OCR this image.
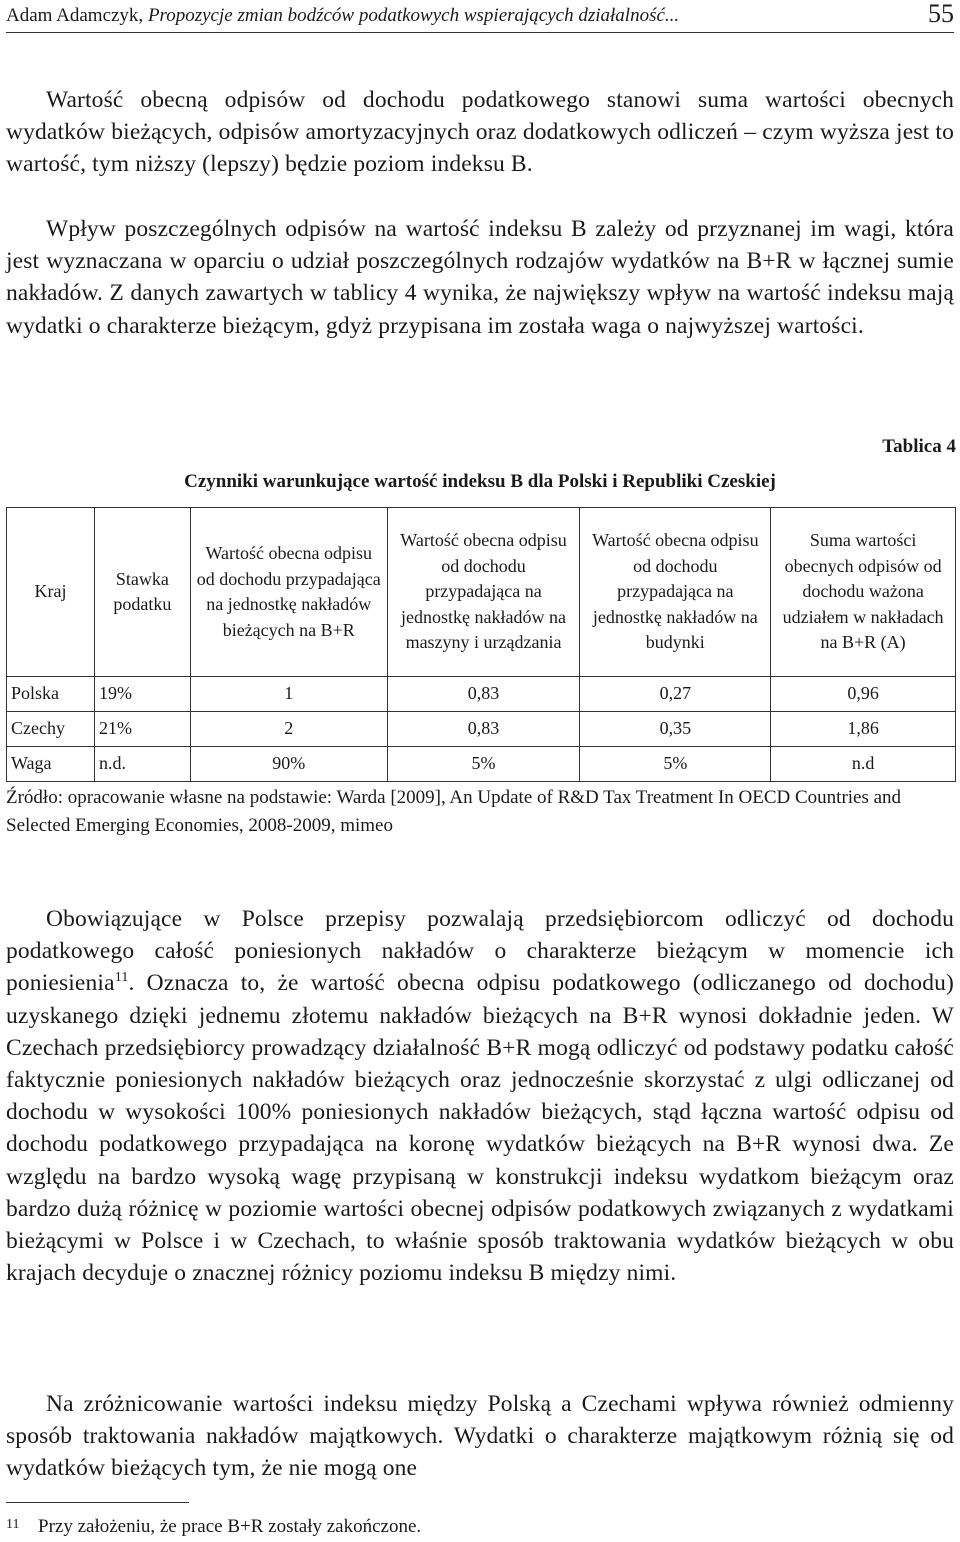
Adam Adamczyk, Propozycje zmian bodźców podatkowych wspierających działalność...	55

Wartość obecną odpisów od dochodu podatkowego stanowi suma wartości obecnych wydatków bieżących, odpisów amortyzacyjnych oraz dodatkowych odliczeń – czym wyższa jest to wartość, tym niższy (lepszy) będzie poziom indeksu B.

Wpływ poszczególnych odpisów na wartość indeksu B zależy od przyznanej im wagi, która jest wyznaczana w oparciu o udział poszczególnych rodzajów wydatków na B+R w łącznej sumie nakładów. Z danych zawartych w tablicy 4 wynika, że największy wpływ na wartość indeksu mają wydatki o charakterze bieżącym, gdyż przypisana im została waga o najwyższej wartości.

Tablica 4
Czynniki warunkujące wartość indeksu B dla Polski i Republiki Czeskiej
Kraj	Stawka podatku	Wartość obecna odpisu od dochodu przypadająca na jednostkę nakładów bieżących na B+R	Wartość obecna odpisu od dochodu przypadająca na jednostkę nakładów na maszyny i urządzania	Wartość obecna odpisu od dochodu przypadająca na jednostkę nakładów na budynki	Suma wartości obecnych odpisów od dochodu ważona udziałem w nakładach na B+R (A)
Polska	19%	1	0,83	0,27	0,96
Czechy	21%	2	0,83	0,35	1,86
Waga	n.d.	90%	5%	5%	n.d

Źródło: opracowanie własne na podstawie: Warda [2009], An Update of R&D Tax Treatment In OECD Countries and Selected Emerging Economies, 2008-2009, mimeo

Obowiązujące w Polsce przepisy pozwalają przedsiębiorcom odliczyć od dochodu podatkowego całość poniesionych nakładów o charakterze bieżącym w momencie ich poniesienia$^{11}$. Oznacza to, że wartość obecna odpisu podatkowego (odliczanego od dochodu) uzyskanego dzięki jednemu złotemu nakładów bieżących na B+R wynosi dokładnie jeden. W Czechach przedsiębiorcy prowadzący działalność B+R mogą odliczyć od podstawy podatku całość faktycznie poniesionych nakładów bieżących oraz jednocześnie skorzystać z ulgi odliczanej od dochodu w wysokości 100% poniesionych nakładów bieżących, stąd łączna wartość odpisu od dochodu podatkowego przypadająca na koronę wydatków bieżących na B+R wynosi dwa. Ze względu na bardzo wysoką wagę przypisaną w konstrukcji indeksu wydatkom bieżącym oraz bardzo dużą różnicę w poziomie wartości obecnej odpisów podatkowych związanych z wydatkami bieżącymi w Polsce i w Czechach, to właśnie sposób traktowania wydatków bieżących w obu krajach decyduje o znacznej różnicy poziomu indeksu B między nimi.

Na zróżnicowanie wartości indeksu między Polską a Czechami wpływa również odmienny sposób traktowania nakładów majątkowych. Wydatki o charakterze majątkowym różnią się od wydatków bieżących tym, że nie mogą one

11 Przy założeniu, że prace B+R zostały zakończone.
